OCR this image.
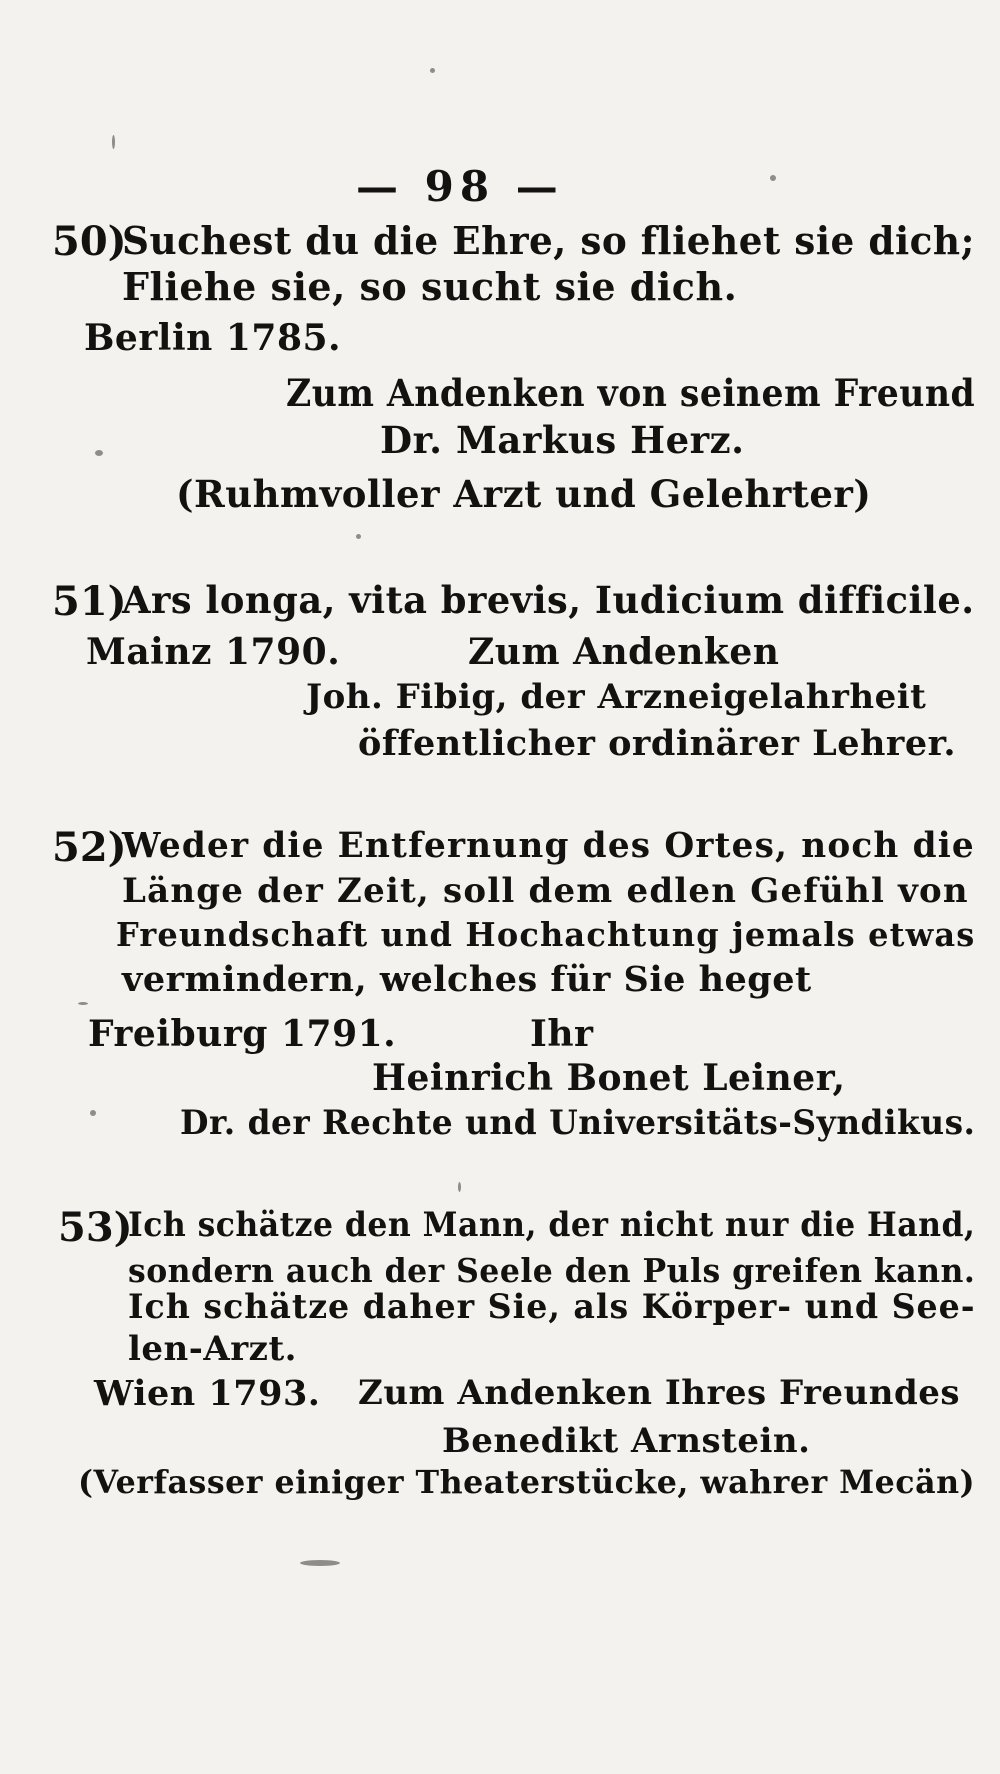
— 98 —
50)
Suchest du die Ehre, so fliehet sie dich;
Fliehe sie, so sucht sie dich.
Berlin 1785.
Zum Andenken von seinem Freund
Dr. Markus Herz.
(Ruhmvoller Arzt und Gelehrter)
51)
Ars longa, vita brevis, Iudicium difficile.
Mainz 1790.	Zum Andenken
Joh. Fibig, der Arzneigelahrheit
öffentlicher ordinärer Lehrer.
52)
Weder die Entfernung des Ortes, noch die
Länge der Zeit, soll dem edlen Gefühl von
Freundschaft und Hochachtung jemals etwas
vermindern, welches für Sie heget
Freiburg 1791.	Ihr
Heinrich Bonet Leiner,
Dr. der Rechte und Universitäts-Syndikus.
53)
Ich schätze den Mann, der nicht nur die Hand,
sondern auch der Seele den Puls greifen kann.
Ich schätze daher Sie, als Körper- und See-
len-Arzt.
Wien 1793. Zum Andenken Ihres Freundes
Benedikt Arnstein.
(Verfasser einiger Theaterstücke, wahrer Mecän)
